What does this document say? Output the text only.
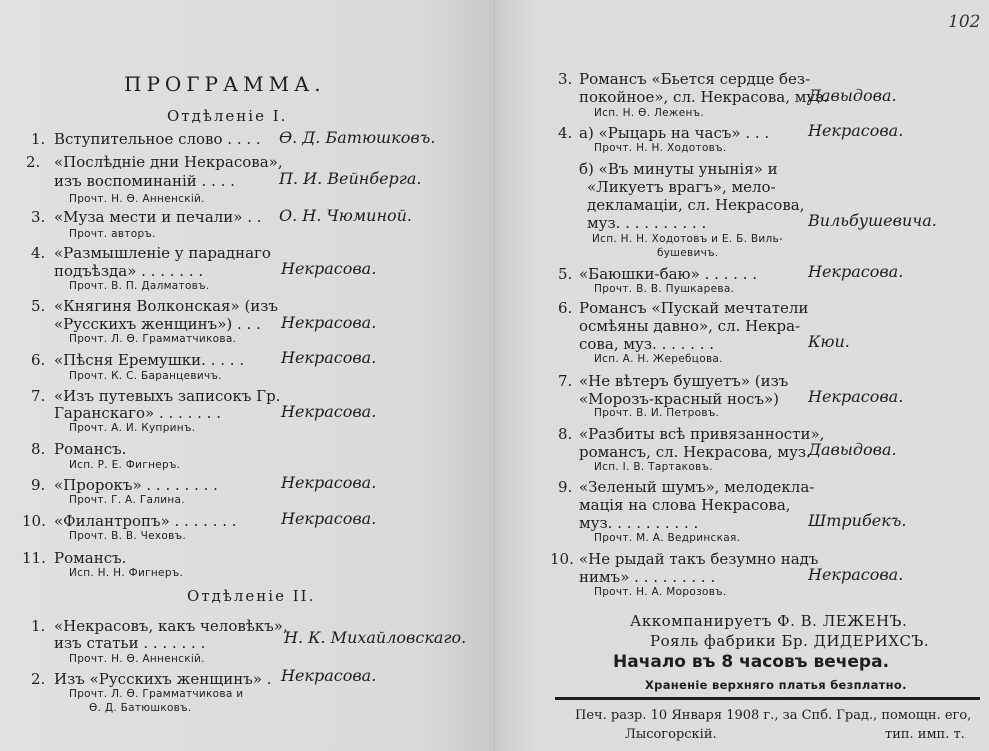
ПРОГРАММА.
Отдѣленіе I.
1. Вступительное слово . . . . Ѳ. Д. Батюшковъ.
2. «Послѣдніе дни Некрасова»,
изъ воспоминаній . . . .	П. И. Вейнберга.
Прочт. Н. Ѳ. Анненскій.
3. «Муза мести и печали» . . О. Н. Чюминой.
Прочт. авторъ.
4. «Размышленіе у параднаго
подъѣзда» . . . . . . .	Некрасова.
Прочт. В. П. Далматовъ.
5. «Княгиня Волконская» (изъ
«Русскихъ женщинъ») . . . Некрасова.
Прочт. Л. Ѳ. Грамматчикова.
6. «Пѣсня Еремушки. . . . . Некрасова.
Прочт. К. С. Баранцевичъ.
7. «Изъ путевыхъ записокъ Гр.
Гаранскаго» . . . . . . .	Некрасова.
Прочт. А. И. Купринъ.
8. Романсъ.
Исп. Р. Е. Фигнеръ.
9. «Пророкъ» . . . . . . . .	Некрасова.
Прочт. Г. А. Галина.
10. «Филантропъ» . . . . . . .	Некрасова.
Прочт. В. В. Чеховъ.
11. Романсъ.
Исп. Н. Н. Фигнеръ.
Отдѣленіе II.
1. «Некрасовъ, какъ человѣкъ»,
изъ статьи . . . . . . .	Н. К. Михайловскаго.
Прочт. Н. Ѳ. Анненскій.
2. Изъ «Русскихъ женщинъ» . Некрасова.
Прочт. Л. Ѳ. Грамматчикова и
Ѳ. Д. Батюшковъ.
102
3. Романсъ «Бьется сердце без-
покойное», сл. Некрасова, муз.
Давыдова.
Исп. Н. Ѳ. Леженъ.
4. а) «Рыцарь на часъ» . . . Некрасова.
Прочт. Н. Н. Ходотовъ.
б) «Въ минуты унынія» и
«Ликуетъ врагъ», мело-
декламаціи, сл. Некрасова,
муз. . . . . . . . . .	Вильбушевича.
Исп. Н. Н. Ходотовъ и Е. Б. Виль-
бушевичъ.
5. «Баюшки-баю» . . . . . .	Некрасова.
Прочт. В. В. Пушкарева.
6. Романсъ «Пускай мечтатели
осмѣяны давно», сл. Некра-
сова, муз. . . . . . .	Кюи.
Исп. А. Н. Жеребцова.
7. «Не вѣтеръ бушуетъ» (изъ
«Морозъ-красный носъ») Некрасова.
Прочт. В. И. Петровъ.
8. «Разбиты всѣ привязанности»,
романсъ, сл. Некрасова, муз.
Давыдова.
Исп. І. В. Тартаковъ.
9. «Зеленый шумъ», мелодекла-
мація на слова Некрасова,
муз. . . . . . . . . .	Штрибекъ.
Прочт. М. А. Ведринская.
10. «Не рыдай такъ безумно надъ
нимъ» . . . . . . . . .	Некрасова.
Прочт. Н. А. Морозовъ.
Аккомпанируетъ Ф. В. ЛЕЖЕНЪ.
Рояль фабрики Бр. ДИДЕРИХСЪ.
Начало въ 8 часовъ вечера.
Храненіе верхняго платья безплатно.
Печ. разр. 10 Января 1908 г., за Спб. Град., помощн. его,
Лысогорскій.	тип. имп. т.
